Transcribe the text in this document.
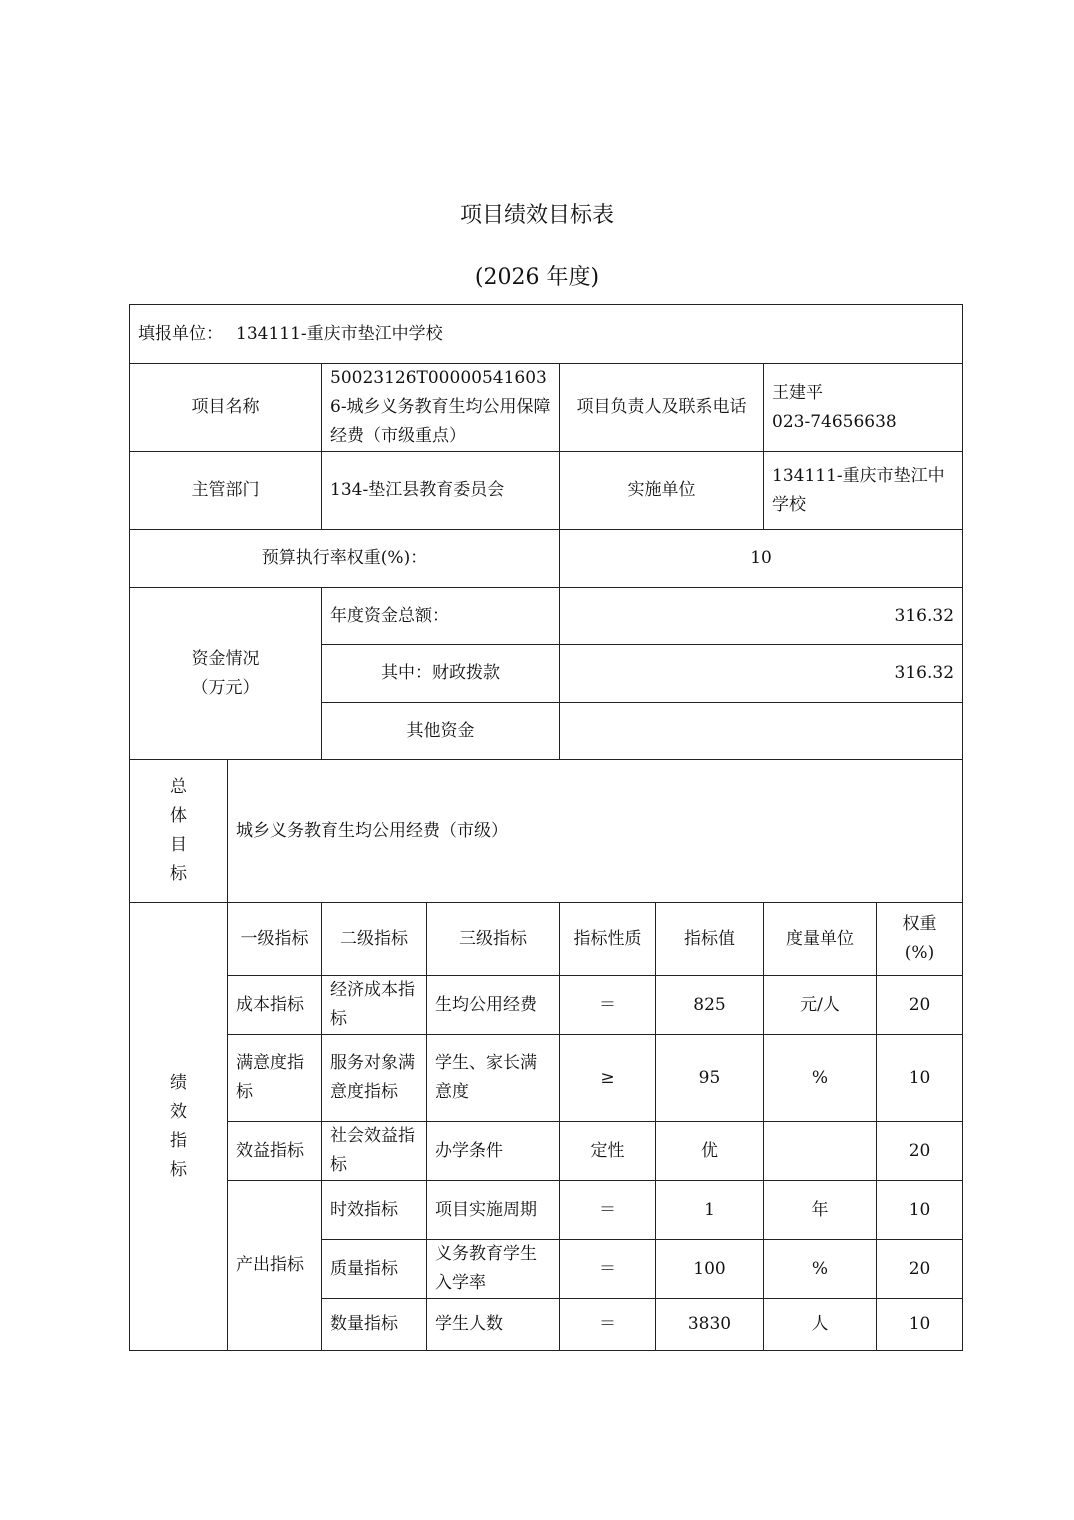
项目绩效目标表
(2026 年度)
填报单位： 134111-重庆市垫江中学校							

项目名称		50023126T000005416036-城乡义务教育生均公用保障经费（市级重点）		项目负责人及联系电话		王建平
023-74656638	

主管部门		134-垫江县教育委员会		实施单位		134111-重庆市垫江中学校	
预算执行率权重(%)：				10			

资金情况（万元）		年度资金总额：		316.32			
		其中：财政拨款		316.32			
		其他资金					

总体目标	城乡义务教育生均公用经费（市级）						

绩效指标	一级指标	二级指标	三级指标	指标性质	指标值	度量单位	权重(%)

	成本指标	经济成本指标	生均公用经费	＝	825	元/人	20
	满意度指标	服务对象满意度指标	学生、家长满意度	≥	95	%	10
	效益指标	社会效益指标	办学条件	定性	优		20
	产出指标	时效指标	项目实施周期	＝	1	年	10
		质量指标	义务教育学生入学率	＝	100	%	20
		数量指标	学生人数	＝	3830	人	10
